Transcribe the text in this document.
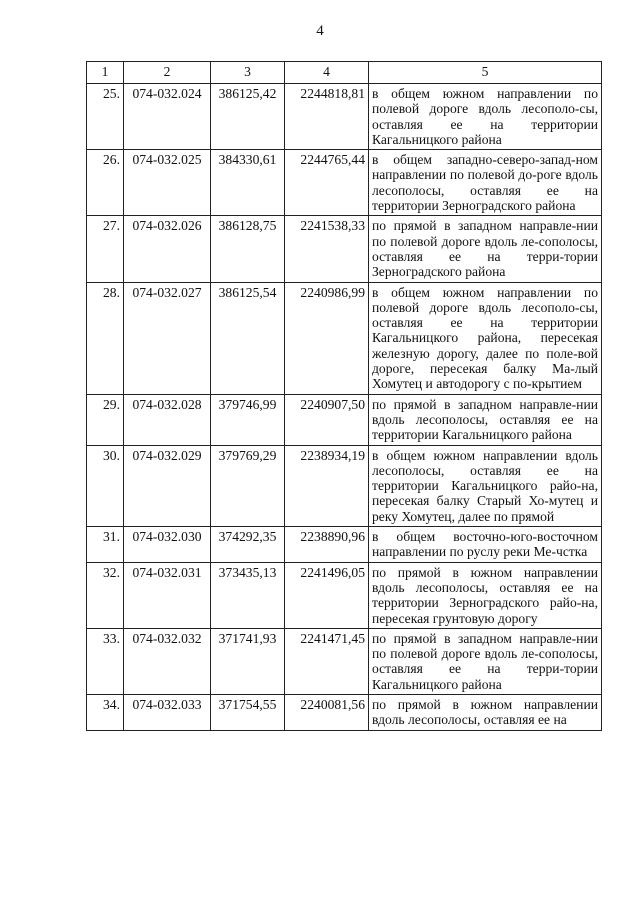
4
1	2	3	4	5
25.	074-032.024	386125,42	2244818,81	в общем южном направлении по полевой дороге вдоль лесополо-сы, оставляя ее на территории Кагальницкого района
26.	074-032.025	384330,61	2244765,44	в общем западно-северо-запад-ном направлении по полевой до-роге вдоль лесополосы, оставляя ее на территории Зерноградского района
27.	074-032.026	386128,75	2241538,33	по прямой в западном направле-нии по полевой дороге вдоль ле-сополосы, оставляя ее на терри-тории Зерноградского района
28.	074-032.027	386125,54	2240986,99	в общем южном направлении по полевой дороге вдоль лесополо-сы, оставляя ее на территории Кагальницкого района, пересекая железную дорогу, далее по поле-вой дороге, пересекая балку Ма-лый Хомутец и автодорогу с по-крытием
29.	074-032.028	379746,99	2240907,50	по прямой в западном направле-нии вдоль лесополосы, оставляя ее на территории Кагальницкого района
30.	074-032.029	379769,29	2238934,19	в общем южном направлении вдоль лесополосы, оставляя ее на территории Кагальницкого райо-на, пересекая балку Старый Хо-мутец и реку Хомутец, далее по прямой
31.	074-032.030	374292,35	2238890,96	в общем восточно-юго-восточном направлении по руслу реки Ме-чстка
32.	074-032.031	373435,13	2241496,05	по прямой в южном направлении вдоль лесополосы, оставляя ее на территории Зерноградского райо-на, пересекая грунтовую дорогу
33.	074-032.032	371741,93	2241471,45	по прямой в западном направле-нии по полевой дороге вдоль ле-сополосы, оставляя ее на терри-тории Кагальницкого района
34.	074-032.033	371754,55	2240081,56	по прямой в южном направлении вдоль лесополосы, оставляя ее на
